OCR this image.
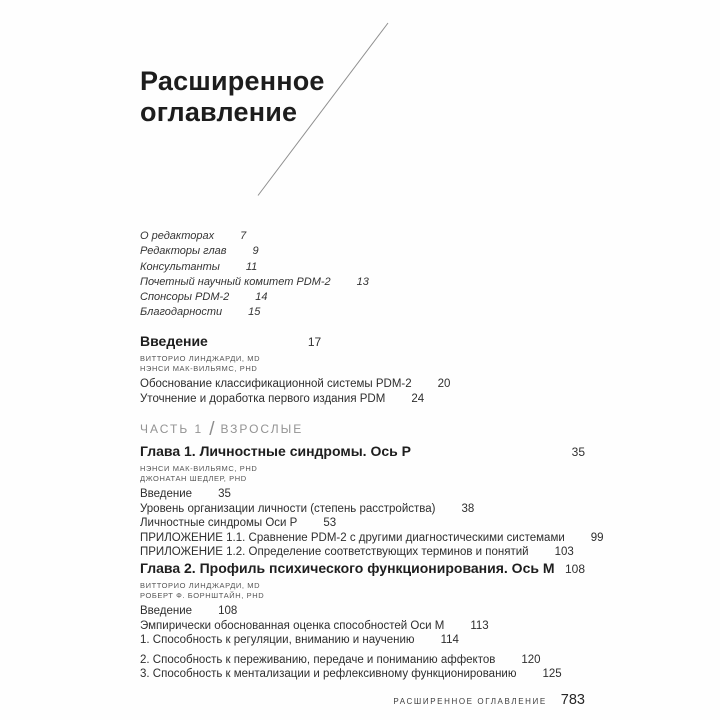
Расширенное
оглавление
О редакторах 7
Редакторы глав 9
Консультанты 11
Почетный научный комитет PDM-2 13
Спонсоры PDM-2 14
Благодарности 15
Введение	17
ВИТТОРИО ЛИНДЖАРДИ, MD
НЭНСИ МАК-ВИЛЬЯМС, PHD
Обоснование классификационной системы PDM-2 20
Уточнение и доработка первого издания PDM 24
ЧАСТЬ 1 / ВЗРОСЛЫЕ
Глава 1. Личностные синдромы. Ось P	35
НЭНСИ МАК-ВИЛЬЯМС, PHD
ДЖОНАТАН ШЕДЛЕР, PHD
Введение 35
Уровень организации личности (степень расстройства) 38
Личностные синдромы Оси P 53
ПРИЛОЖЕНИЕ 1.1. Сравнение PDM-2 с другими диагностическими системами 99
ПРИЛОЖЕНИЕ 1.2. Определение соответствующих терминов и понятий 103
Глава 2. Профиль психического функционирования. Ось M 108
ВИТТОРИО ЛИНДЖАРДИ, MD
РОБЕРТ Ф. БОРНШТАЙН, PHD
Введение 108
Эмпирически обоснованная оценка способностей Оси M 113
1. Способность к регуляции, вниманию и научению 114
2. Способность к переживанию, передаче и пониманию аффектов 120
3. Способность к ментализации и рефлексивному функционированию 125
РАСШИРЕННОЕ ОГЛАВЛЕНИЕ 783
